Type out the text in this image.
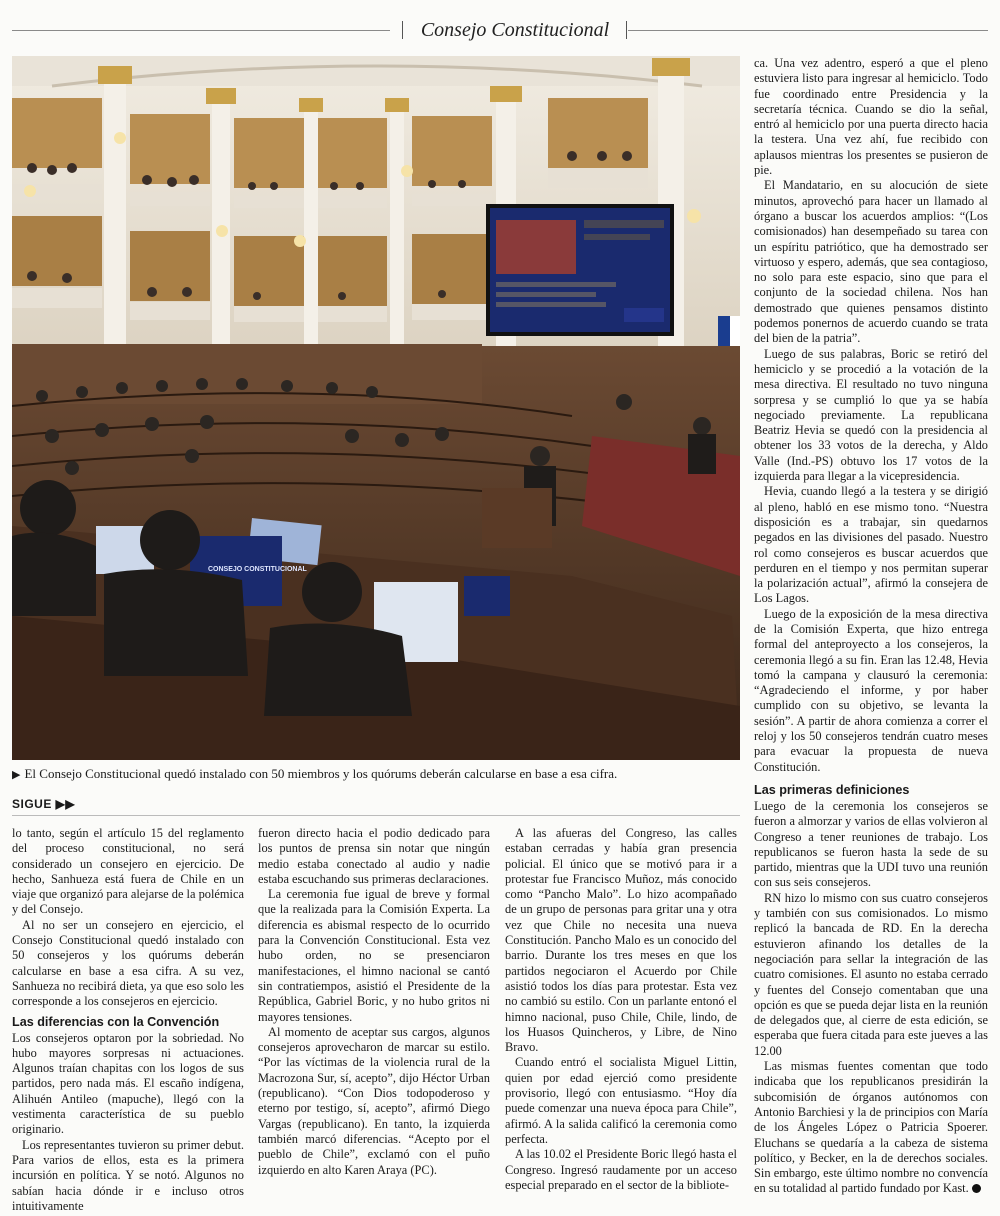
Consejo Constitucional
CONSEJO CONSTITUCIONAL
▶ El Consejo Constitucional quedó instalado con 50 miembros y los quórums deberán calcularse en base a esa cifra.
SIGUE ▶▶

ca. Una vez adentro, esperó a que el pleno estuviera listo para ingresar al hemiciclo. Todo fue coordinado entre Presidencia y la secretaría técnica. Cuando se dio la señal, entró al hemiciclo por una puerta directo hacia la testera. Una vez ahí, fue recibido con aplausos mientras los presentes se pusieron de pie.

El Mandatario, en su alocución de siete minutos, aprovechó para hacer un llamado al órgano a buscar los acuerdos amplios: “(Los comisionados) han desempeñado su tarea con un espíritu patriótico, que ha demostrado ser virtuoso y espero, además, que sea contagioso, no solo para este espacio, sino que para el conjunto de la sociedad chilena. Nos han demostrado que quienes pensamos distinto podemos ponernos de acuerdo cuando se trata del bien de la patria”.

Luego de sus palabras, Boric se retiró del hemiciclo y se procedió a la votación de la mesa directiva. El resultado no tuvo ninguna sorpresa y se cumplió lo que ya se había negociado previamente. La republicana Beatriz Hevia se quedó con la presidencia al obtener los 33 votos de la derecha, y Aldo Valle (Ind.-PS) obtuvo los 17 votos de la izquierda para llegar a la vicepresidencia.

Hevia, cuando llegó a la testera y se dirigió al pleno, habló en ese mismo tono. “Nuestra disposición es a trabajar, sin quedarnos pegados en las divisiones del pasado. Nuestro rol como consejeros es buscar acuerdos que perduren en el tiempo y nos permitan superar la polarización actual”, afirmó la consejera de Los Lagos.

Luego de la exposición de la mesa directiva de la Comisión Experta, que hizo entrega formal del anteproyecto a los consejeros, la ceremonia llegó a su fin. Eran las 12.48, Hevia tomó la campana y clausuró la ceremonia: “Agradeciendo el informe, y por haber cumplido con su objetivo, se levanta la sesión”. A partir de ahora comienza a correr el reloj y los 50 consejeros tendrán cuatro meses para evacuar la propuesta de nueva Constitución.

lo tanto, según el artículo 15 del reglamento del proceso constitucional, no será considerado un consejero en ejercicio. De hecho, Sanhueza está fuera de Chile en un viaje que organizó para alejarse de la polémica y del Consejo.

Al no ser un consejero en ejercicio, el Consejo Constitucional quedó instalado con 50 consejeros y los quórums deberán calcularse en base a esa cifra. A su vez, Sanhueza no recibirá dieta, ya que eso solo les corresponde a los consejeros en ejercicio.

Las diferencias con la Convención

Los consejeros optaron por la sobriedad. No hubo mayores sorpresas ni actuaciones. Algunos traían chapitas con los logos de sus partidos, pero nada más. El escaño indígena, Alihuén Antileo (mapuche), llegó con la vestimenta característica de su pueblo originario.

Los representantes tuvieron su primer debut. Para varios de ellos, esta es la primera incursión en política. Y se notó. Algunos no sabían hacia dónde ir e incluso otros intuitivamente

fueron directo hacia el podio dedicado para los puntos de prensa sin notar que ningún medio estaba conectado al audio y nadie estaba escuchando sus primeras declaraciones.

La ceremonia fue igual de breve y formal que la realizada para la Comisión Experta. La diferencia es abismal respecto de lo ocurrido para la Convención Constitucional. Esta vez hubo orden, no se presenciaron manifestaciones, el himno nacional se cantó sin contratiempos, asistió el Presidente de la República, Gabriel Boric, y no hubo gritos ni mayores tensiones.

Al momento de aceptar sus cargos, algunos consejeros aprovecharon de marcar su estilo. “Por las víctimas de la violencia rural de la Macrozona Sur, sí, acepto”, dijo Héctor Urban (republicano). “Con Dios todopoderoso y eterno por testigo, sí, acepto”, afirmó Diego Vargas (republicano). En tanto, la izquierda también marcó diferencias. “Acepto por el pueblo de Chile”, exclamó con el puño izquierdo en alto Karen Araya (PC).

A las afueras del Congreso, las calles estaban cerradas y había gran presencia policial. El único que se motivó para ir a protestar fue Francisco Muñoz, más conocido como “Pancho Malo”. Lo hizo acompañado de un grupo de personas para gritar una y otra vez que Chile no necesita una nueva Constitución. Pancho Malo es un conocido del barrio. Durante los tres meses en que los partidos negociaron el Acuerdo por Chile asistió todos los días para protestar. Esta vez no cambió su estilo. Con un parlante entonó el himno nacional, puso Chile, Chile, lindo, de los Huasos Quincheros, y Libre, de Nino Bravo.

Cuando entró el socialista Miguel Littin, quien por edad ejerció como presidente provisorio, llegó con entusiasmo. “Hoy día puede comenzar una nueva época para Chile”, afirmó. A la salida calificó la ceremonia como perfecta.

A las 10.02 el Presidente Boric llegó hasta el Congreso. Ingresó raudamente por un acceso especial preparado en el sector de la bibliote-

Las primeras definiciones

Luego de la ceremonia los consejeros se fueron a almorzar y varios de ellas volvieron al Congreso a tener reuniones de trabajo. Los republicanos se fueron hasta la sede de su partido, mientras que la UDI tuvo una reunión con sus seis consejeros.

RN hizo lo mismo con sus cuatro consejeros y también con sus comisionados. Lo mismo replicó la bancada de RD. En la derecha estuvieron afinando los detalles de la negociación para sellar la integración de las cuatro comisiones. El asunto no estaba cerrado y fuentes del Consejo comentaban que una opción es que se pueda dejar lista en la reunión de delegados que, al cierre de esta edición, se esperaba que fuera citada para este jueves a las 12.00

Las mismas fuentes comentan que todo indicaba que los republicanos presidirán la subcomisión de órganos autónomos con Antonio Barchiesi y la de principios con María de los Ángeles López o Patricia Spoerer. Eluchans se quedaría a la cabeza de sistema político, y Becker, en la de derechos sociales. Sin embargo, este último nombre no convencía en su totalidad al partido fundado por Kast.
